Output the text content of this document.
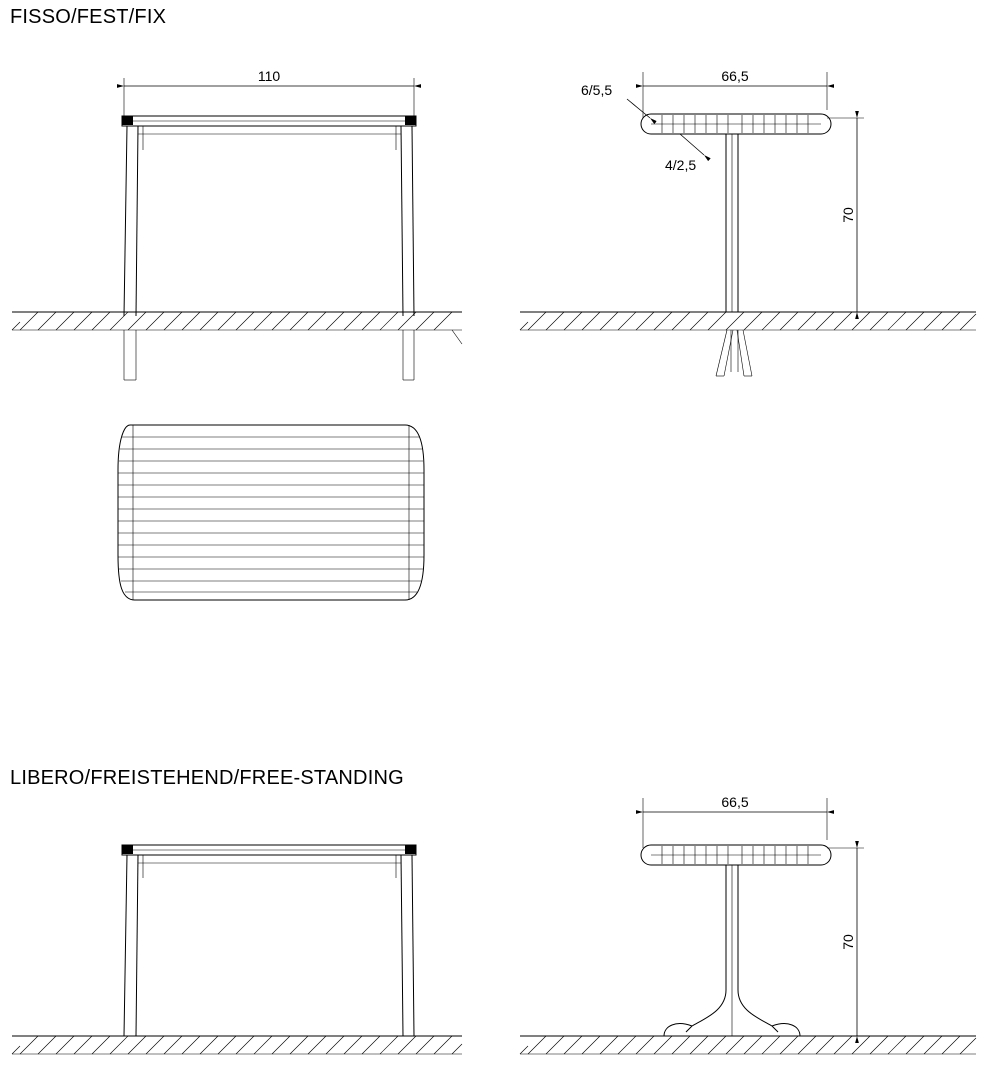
FISSO/FEST/FIX
LIBERO/FREISTEHEND/FREE-STANDING
110	66,5
6/5,5
4/2,5
70
66,5
70
